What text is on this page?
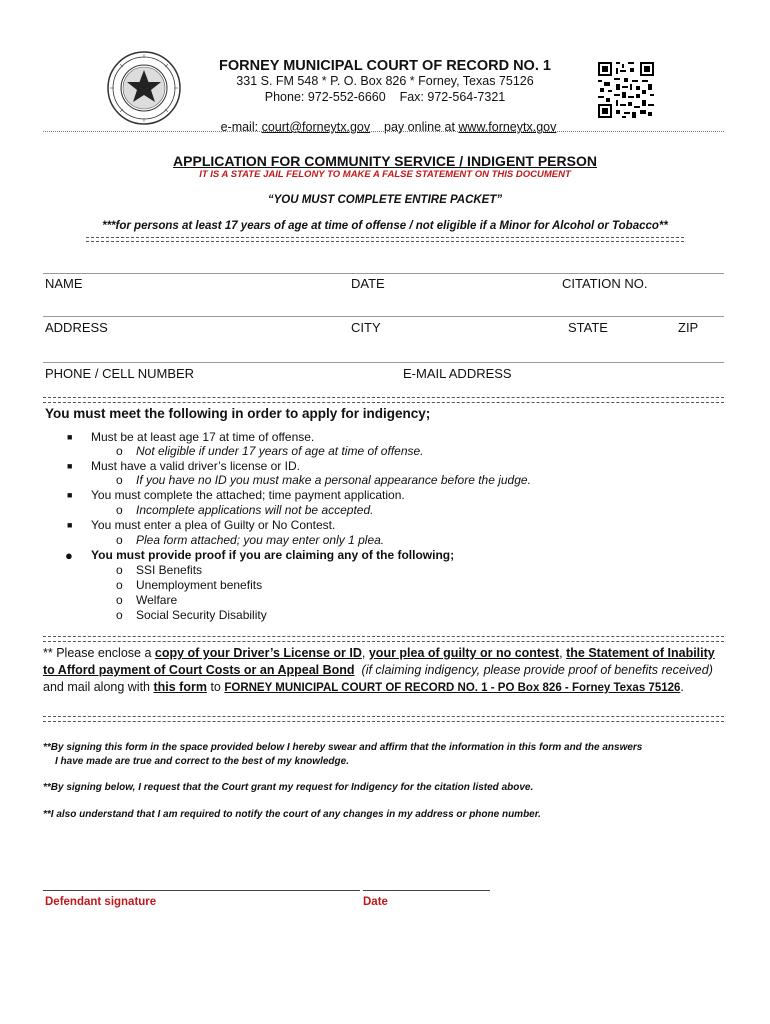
FORNEY MUNICIPAL COURT OF RECORD NO. 1
331 S. FM 548 * P. O. Box 826 * Forney, Texas 75126
Phone: 972-552-6660    Fax: 972-564-7321

e-mail: court@forneytx.gov    pay online at www.forneytx.gov

APPLICATION FOR COMMUNITY SERVICE / INDIGENT PERSON
IT IS A STATE JAIL FELONY TO MAKE A FALSE STATEMENT ON THIS DOCUMENT
“YOU MUST COMPLETE ENTIRE PACKET”
***for persons at least 17 years of age at time of offense / not eligible if a Minor for Alcohol or Tobacco**
NAME	DATE	CITATION NO.
ADDRESS	CITY	STATE	ZIP
PHONE / CELL NUMBER	E-MAIL ADDRESS
You must meet the following in order to apply for indigency;
■ Must be at least age 17 at time of offense.
o Not eligible if under 17 years of age at time of offense.
■ Must have a valid driver’s license or ID.
o If you have no ID you must make a personal appearance before the judge.
■ You must complete the attached; time payment application.
o Incomplete applications will not be accepted.
■ You must enter a plea of Guilty or No Contest.
o Plea form attached; you may enter only 1 plea.
● You must provide proof if you are claiming any of the following;
o SSI Benefits
o Unemployment benefits
o Welfare
o Social Security Disability
** Please enclose a copy of your Driver’s License or ID, your plea of guilty or no contest, the Statement of Inability to Afford payment of Court Costs or an Appeal Bond (if claiming indigency, please provide proof of benefits received) and mail along with this form to FORNEY MUNICIPAL COURT OF RECORD NO. 1 - PO Box 826 - Forney Texas 75126.
**By signing this form in the space provided below I hereby swear and affirm that the information in this form and the answers
I have made are true and correct to the best of my knowledge.
**By signing below, I request that the Court grant my request for Indigency for the citation listed above.
**I also understand that I am required to notify the court of any changes in my address or phone number.
Defendant signature	Date
